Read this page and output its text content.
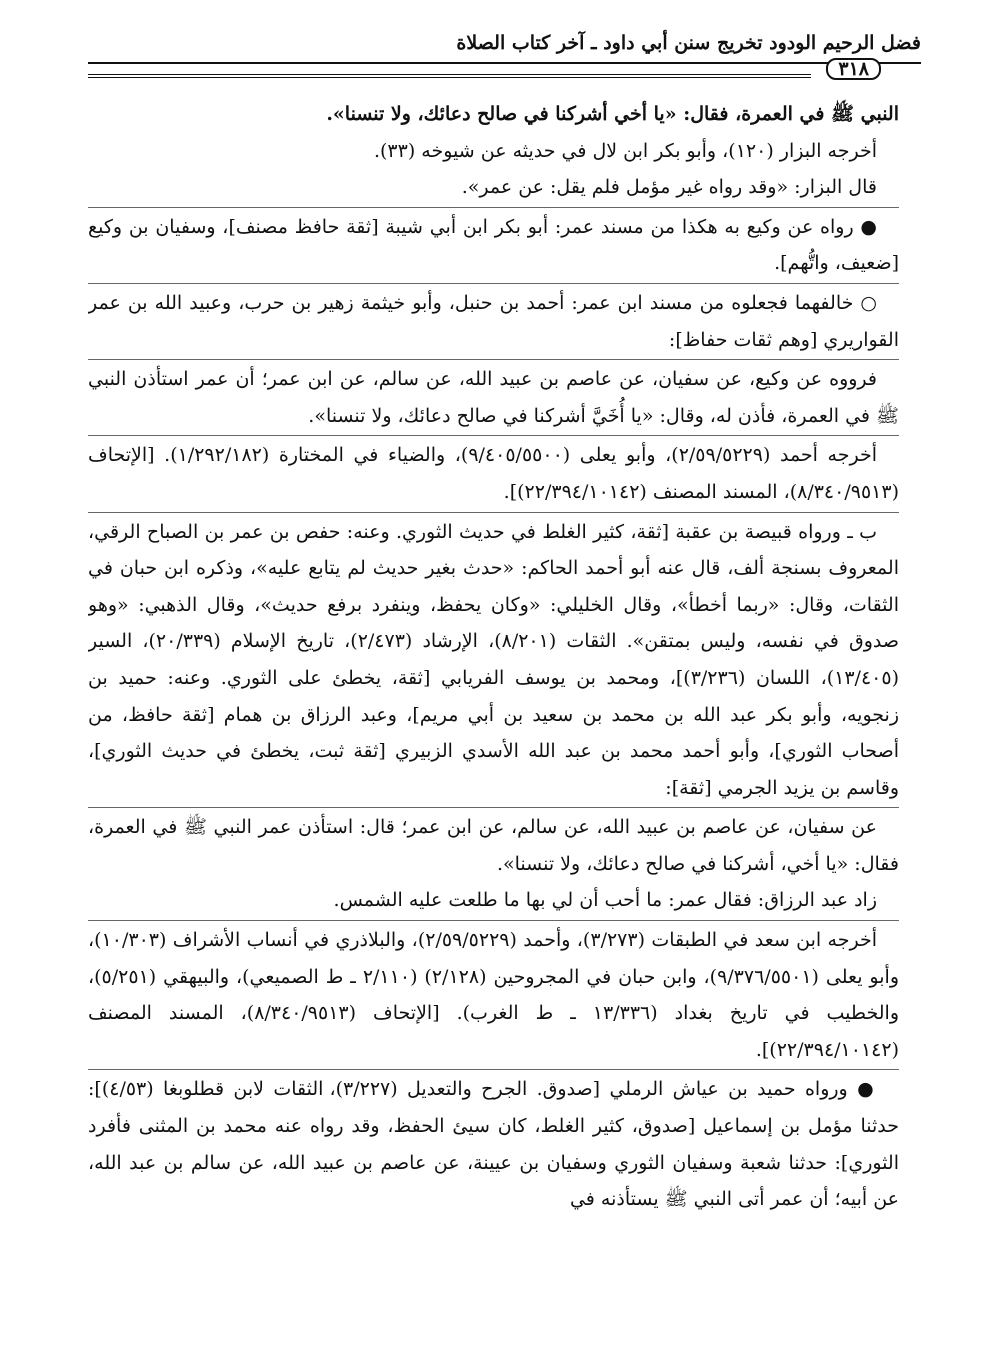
فضل الرحيم الودود تخريج سنن أبي داود ـ آخر كتاب الصلاة
٣١٨

النبي ﷺ في العمرة، فقال: «يا أخي أشركنا في صالح دعائك، ولا تنسنا».

أخرجه البزار (١٢٠)، وأبو بكر ابن لال في حديثه عن شيوخه (٣٣).

قال البزار: «وقد رواه غير مؤمل فلم يقل: عن عمر».

● رواه عن وكيع به هكذا من مسند عمر: أبو بكر ابن أبي شيبة [ثقة حافظ مصنف]، وسفيان بن وكيع [ضعيف، واتُّهم].

○ خالفهما فجعلوه من مسند ابن عمر: أحمد بن حنبل، وأبو خيثمة زهير بن حرب، وعبيد الله بن عمر القواريري [وهم ثقات حفاظ]:

فرووه عن وكيع، عن سفيان، عن عاصم بن عبيد الله، عن سالم، عن ابن عمر؛ أن عمر استأذن النبي ﷺ في العمرة، فأذن له، وقال: «يا أُخَيَّ أشركنا في صالح دعائك، ولا تنسنا».

أخرجه أحمد (٢/٥٩/٥٢٢٩)، وأبو يعلى (٩/٤٠٥/٥٥٠٠)، والضياء في المختارة (١/٢٩٢/١٨٢). [الإتحاف (٨/٣٤٠/٩٥١٣)، المسند المصنف (٢٢/٣٩٤/١٠١٤٢)].

ب ـ ورواه قبيصة بن عقبة [ثقة، كثير الغلط في حديث الثوري. وعنه: حفص بن عمر بن الصباح الرقي، المعروف بسنجة ألف، قال عنه أبو أحمد الحاكم: «حدث بغير حديث لم يتابع عليه»، وذكره ابن حبان في الثقات، وقال: «ربما أخطأ»، وقال الخليلي: «وكان يحفظ، وينفرد برفع حديث»، وقال الذهبي: «وهو صدوق في نفسه، وليس بمتقن». الثقات (٨/٢٠١)، الإرشاد (٢/٤٧٣)، تاريخ الإسلام (٢٠/٣٣٩)، السير (١٣/٤٠٥)، اللسان (٣/٢٣٦)]، ومحمد بن يوسف الفريابي [ثقة، يخطئ على الثوري. وعنه: حميد بن زنجويه، وأبو بكر عبد الله بن محمد بن سعيد بن أبي مريم]، وعبد الرزاق بن همام [ثقة حافظ، من أصحاب الثوري]، وأبو أحمد محمد بن عبد الله الأسدي الزبيري [ثقة ثبت، يخطئ في حديث الثوري]، وقاسم بن يزيد الجرمي [ثقة]:

عن سفيان، عن عاصم بن عبيد الله، عن سالم، عن ابن عمر؛ قال: استأذن عمر النبي ﷺ في العمرة، فقال: «يا أخي، أشركنا في صالح دعائك، ولا تنسنا».

زاد عبد الرزاق: فقال عمر: ما أحب أن لي بها ما طلعت عليه الشمس.

أخرجه ابن سعد في الطبقات (٣/٢٧٣)، وأحمد (٢/٥٩/٥٢٢٩)، والبلاذري في أنساب الأشراف (١٠/٣٠٣)، وأبو يعلى (٩/٣٧٦/٥٥٠١)، وابن حبان في المجروحين (٢/١٢٨) (٢/١١٠ ـ ط الصميعي)، والبيهقي (٥/٢٥١)، والخطيب في تاريخ بغداد (١٣/٣٣٦ ـ ط الغرب). [الإتحاف (٨/٣٤٠/٩٥١٣)، المسند المصنف (٢٢/٣٩٤/١٠١٤٢)].

● ورواه حميد بن عياش الرملي [صدوق. الجرح والتعديل (٣/٢٢٧)، الثقات لابن قطلوبغا (٤/٥٣)]: حدثنا مؤمل بن إسماعيل [صدوق، كثير الغلط، كان سيئ الحفظ، وقد رواه عنه محمد بن المثنى فأفرد الثوري]: حدثنا شعبة وسفيان الثوري وسفيان بن عيينة، عن عاصم بن عبيد الله، عن سالم بن عبد الله، عن أبيه؛ أن عمر أتى النبي ﷺ يستأذنه في
